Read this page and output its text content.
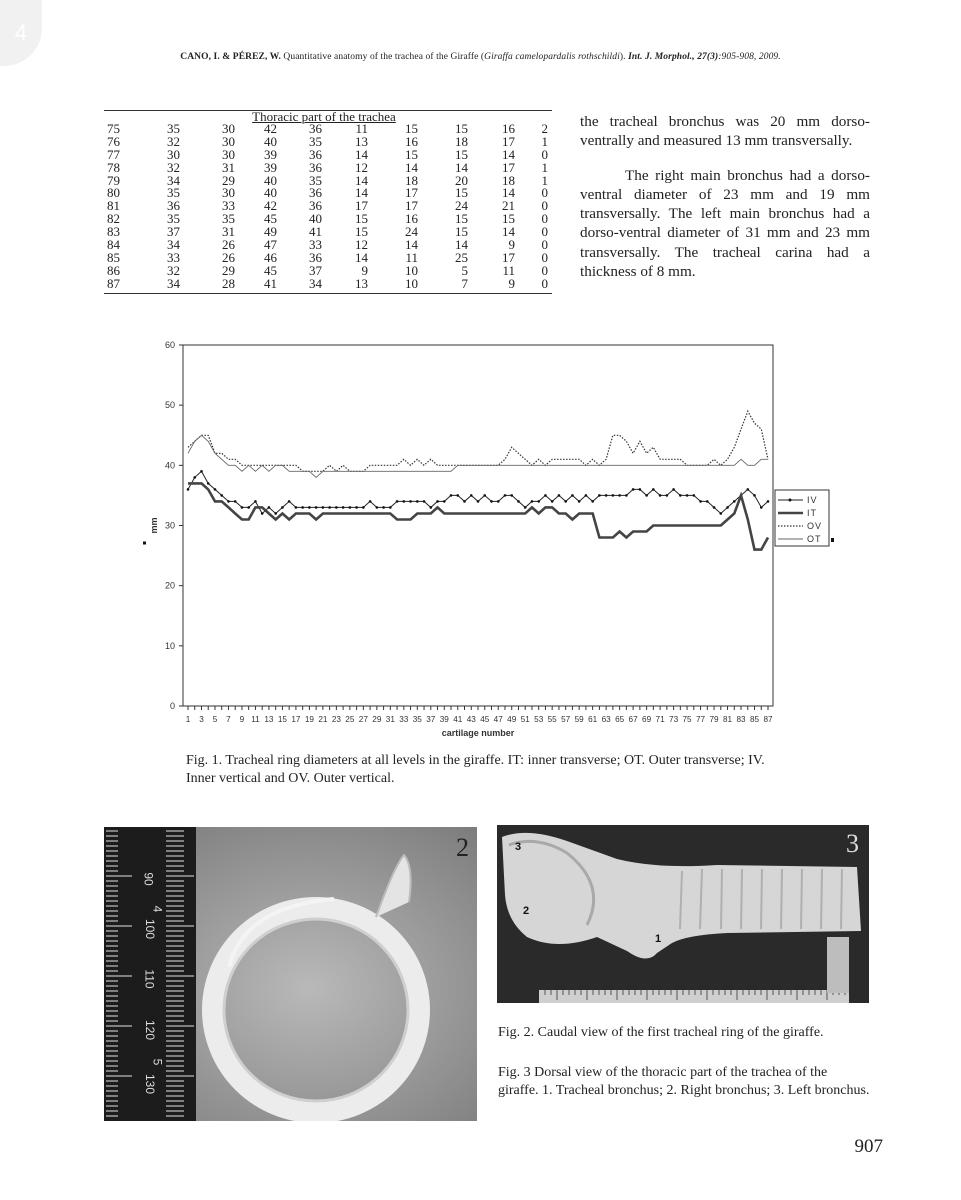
4
CANO, I. & PÉREZ, W. Quantitative anatomy of the trachea of the Giraffe (Giraffa camelopardalis rothschildi). Int. J. Morphol., 27(3):905-908, 2009.
Thoracic part of the trachea
75	35	30	42	36	11	15	15	16	2
76	32	30	40	35	13	16	18	17	1
77	30	30	39	36	14	15	15	14	0
78	32	31	39	36	12	14	14	17	1
79	34	29	40	35	14	18	20	18	1
80	35	30	40	36	14	17	15	14	0
81	36	33	42	36	17	17	24	21	0
82	35	35	45	40	15	16	15	15	0
83	37	31	49	41	15	24	15	14	0
84	34	26	47	33	12	14	14	9	0
85	33	26	46	36	14	11	25	17	0
86	32	29	45	37	9	10	5	11	0
87	34	28	41	34	13	10	7	9	0

the tracheal bronchus was 20 mm dorso-ventrally and measured 13 mm transversally.

The right main bronchus had a dorso-ventral diameter of 23 mm and 19 mm transversally. The left main bronchus had a dorso-ventral diameter of 31 mm and 23 mm transversally. The tracheal carina had a thickness of 8 mm.

0
10
20
30
40
50
60
1 3 5 7 9 11 13 15 17 19 21 23 25 27 29 31 33 35 37 39 41 43 45 47 49 51 53 55 57 59 61 63 65 67 69 71 73 75 77 79 81 83 85 87
cartilage number
mm
IV
IT
OV
OT
Fig. 1. Tracheal ring diameters at all levels in the giraffe. IT: inner transverse; OT. Outer transverse; IV. Inner vertical and OV. Outer vertical.
90
4
100
110
120
5
130
2	3
3
2
1
Fig. 2. Caudal view of the first tracheal ring of the giraffe.
Fig. 3 Dorsal view of the thoracic part of the trachea of the giraffe. 1. Tracheal bronchus; 2. Right bronchus; 3. Left bronchus.
907
